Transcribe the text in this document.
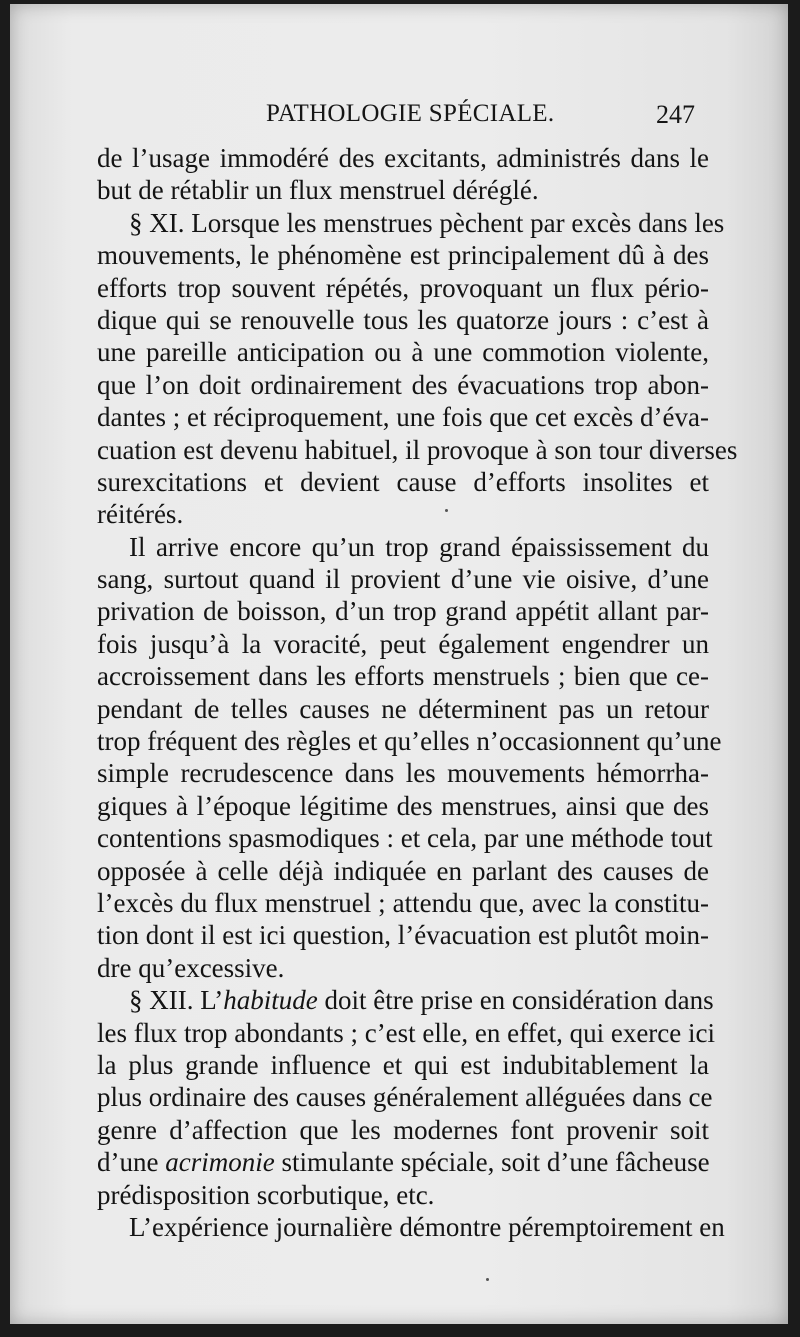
PATHOLOGIE SPÉCIALE.	247
de l’usage immodéré des excitants, administrés dans le
but de rétablir un flux menstruel déréglé.
§ XI. Lorsque les menstrues pèchent par excès dans les
mouvements, le phénomène est principalement dû à des
efforts trop souvent répétés, provoquant un flux pério-
dique qui se renouvelle tous les quatorze jours : c’est à
une pareille anticipation ou à une commotion violente,
que l’on doit ordinairement des évacuations trop abon-
dantes ; et réciproquement, une fois que cet excès d’éva-
cuation est devenu habituel, il provoque à son tour diverses
surexcitations et devient cause d’efforts insolites et
réitérés.
Il arrive encore qu’un trop grand épaississement du
sang, surtout quand il provient d’une vie oisive, d’une
privation de boisson, d’un trop grand appétit allant par-
fois jusqu’à la voracité, peut également engendrer un
accroissement dans les efforts menstruels ; bien que ce-
pendant de telles causes ne déterminent pas un retour
trop fréquent des règles et qu’elles n’occasionnent qu’une
simple recrudescence dans les mouvements hémorrha-
giques à l’époque légitime des menstrues, ainsi que des
contentions spasmodiques : et cela, par une méthode tout
opposée à celle déjà indiquée en parlant des causes de
l’excès du flux menstruel ; attendu que, avec la constitu-
tion dont il est ici question, l’évacuation est plutôt moin-
dre qu’excessive.
§ XII. L’habitude doit être prise en considération dans
les flux trop abondants ; c’est elle, en effet, qui exerce ici
la plus grande influence et qui est indubitablement la
plus ordinaire des causes généralement alléguées dans ce
genre d’affection que les modernes font provenir soit
d’une acrimonie stimulante spéciale, soit d’une fâcheuse
prédisposition scorbutique, etc.
L’expérience journalière démontre péremptoirement en
